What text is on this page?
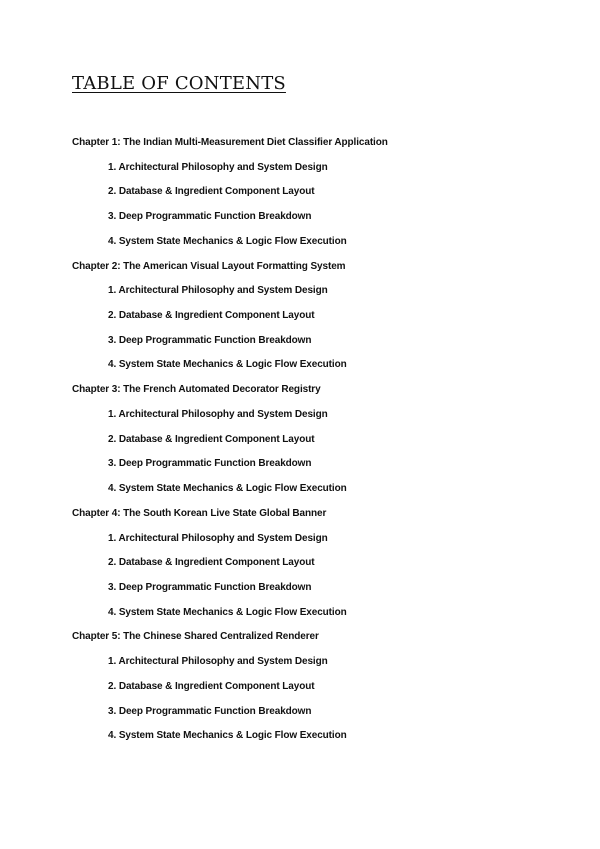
TABLE OF CONTENTS
Chapter 1: The Indian Multi-Measurement Diet Classifier Application
1. Architectural Philosophy and System Design
2. Database & Ingredient Component Layout
3. Deep Programmatic Function Breakdown
4. System State Mechanics & Logic Flow Execution
Chapter 2: The American Visual Layout Formatting System
1. Architectural Philosophy and System Design
2. Database & Ingredient Component Layout
3. Deep Programmatic Function Breakdown
4. System State Mechanics & Logic Flow Execution
Chapter 3: The French Automated Decorator Registry
1. Architectural Philosophy and System Design
2. Database & Ingredient Component Layout
3. Deep Programmatic Function Breakdown
4. System State Mechanics & Logic Flow Execution
Chapter 4: The South Korean Live State Global Banner
1. Architectural Philosophy and System Design
2. Database & Ingredient Component Layout
3. Deep Programmatic Function Breakdown
4. System State Mechanics & Logic Flow Execution
Chapter 5: The Chinese Shared Centralized Renderer
1. Architectural Philosophy and System Design
2. Database & Ingredient Component Layout
3. Deep Programmatic Function Breakdown
4. System State Mechanics & Logic Flow Execution
